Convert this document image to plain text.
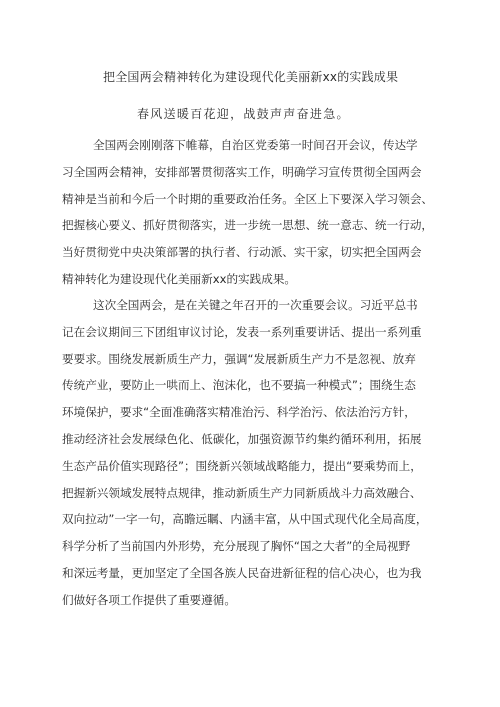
把全国两会精神转化为建设现代化美丽新xx的实践成果
春风送暖百花迎，战鼓声声奋进急。
全国两会刚刚落下帷幕，自治区党委第一时间召开会议，传达学
习全国两会精神，安排部署贯彻落实工作，明确学习宣传贯彻全国两会
精神是当前和今后一个时期的重要政治任务。全区上下要深入学习领会、
把握核心要义、抓好贯彻落实，进一步统一思想、统一意志、统一行动，
当好贯彻党中央决策部署的执行者、行动派、实干家，切实把全国两会
精神转化为建设现代化美丽新xx的实践成果。
这次全国两会，是在关键之年召开的一次重要会议。习近平总书
记在会议期间三下团组审议讨论，发表一系列重要讲话、提出一系列重
要要求。围绕发展新质生产力，强调“发展新质生产力不是忽视、放弃
传统产业，要防止一哄而上、泡沫化，也不要搞一种模式”；围绕生态
环境保护，要求“全面准确落实精准治污、科学治污、依法治污方针，
推动经济社会发展绿色化、低碳化，加强资源节约集约循环利用，拓展
生态产品价值实现路径”；围绕新兴领域战略能力，提出“要乘势而上，
把握新兴领域发展特点规律，推动新质生产力同新质战斗力高效融合、
双向拉动”一字一句，高瞻远瞩、内涵丰富，从中国式现代化全局高度，
科学分析了当前国内外形势，充分展现了胸怀“国之大者”的全局视野
和深远考量，更加坚定了全国各族人民奋进新征程的信心决心，也为我
们做好各项工作提供了重要遵循。
